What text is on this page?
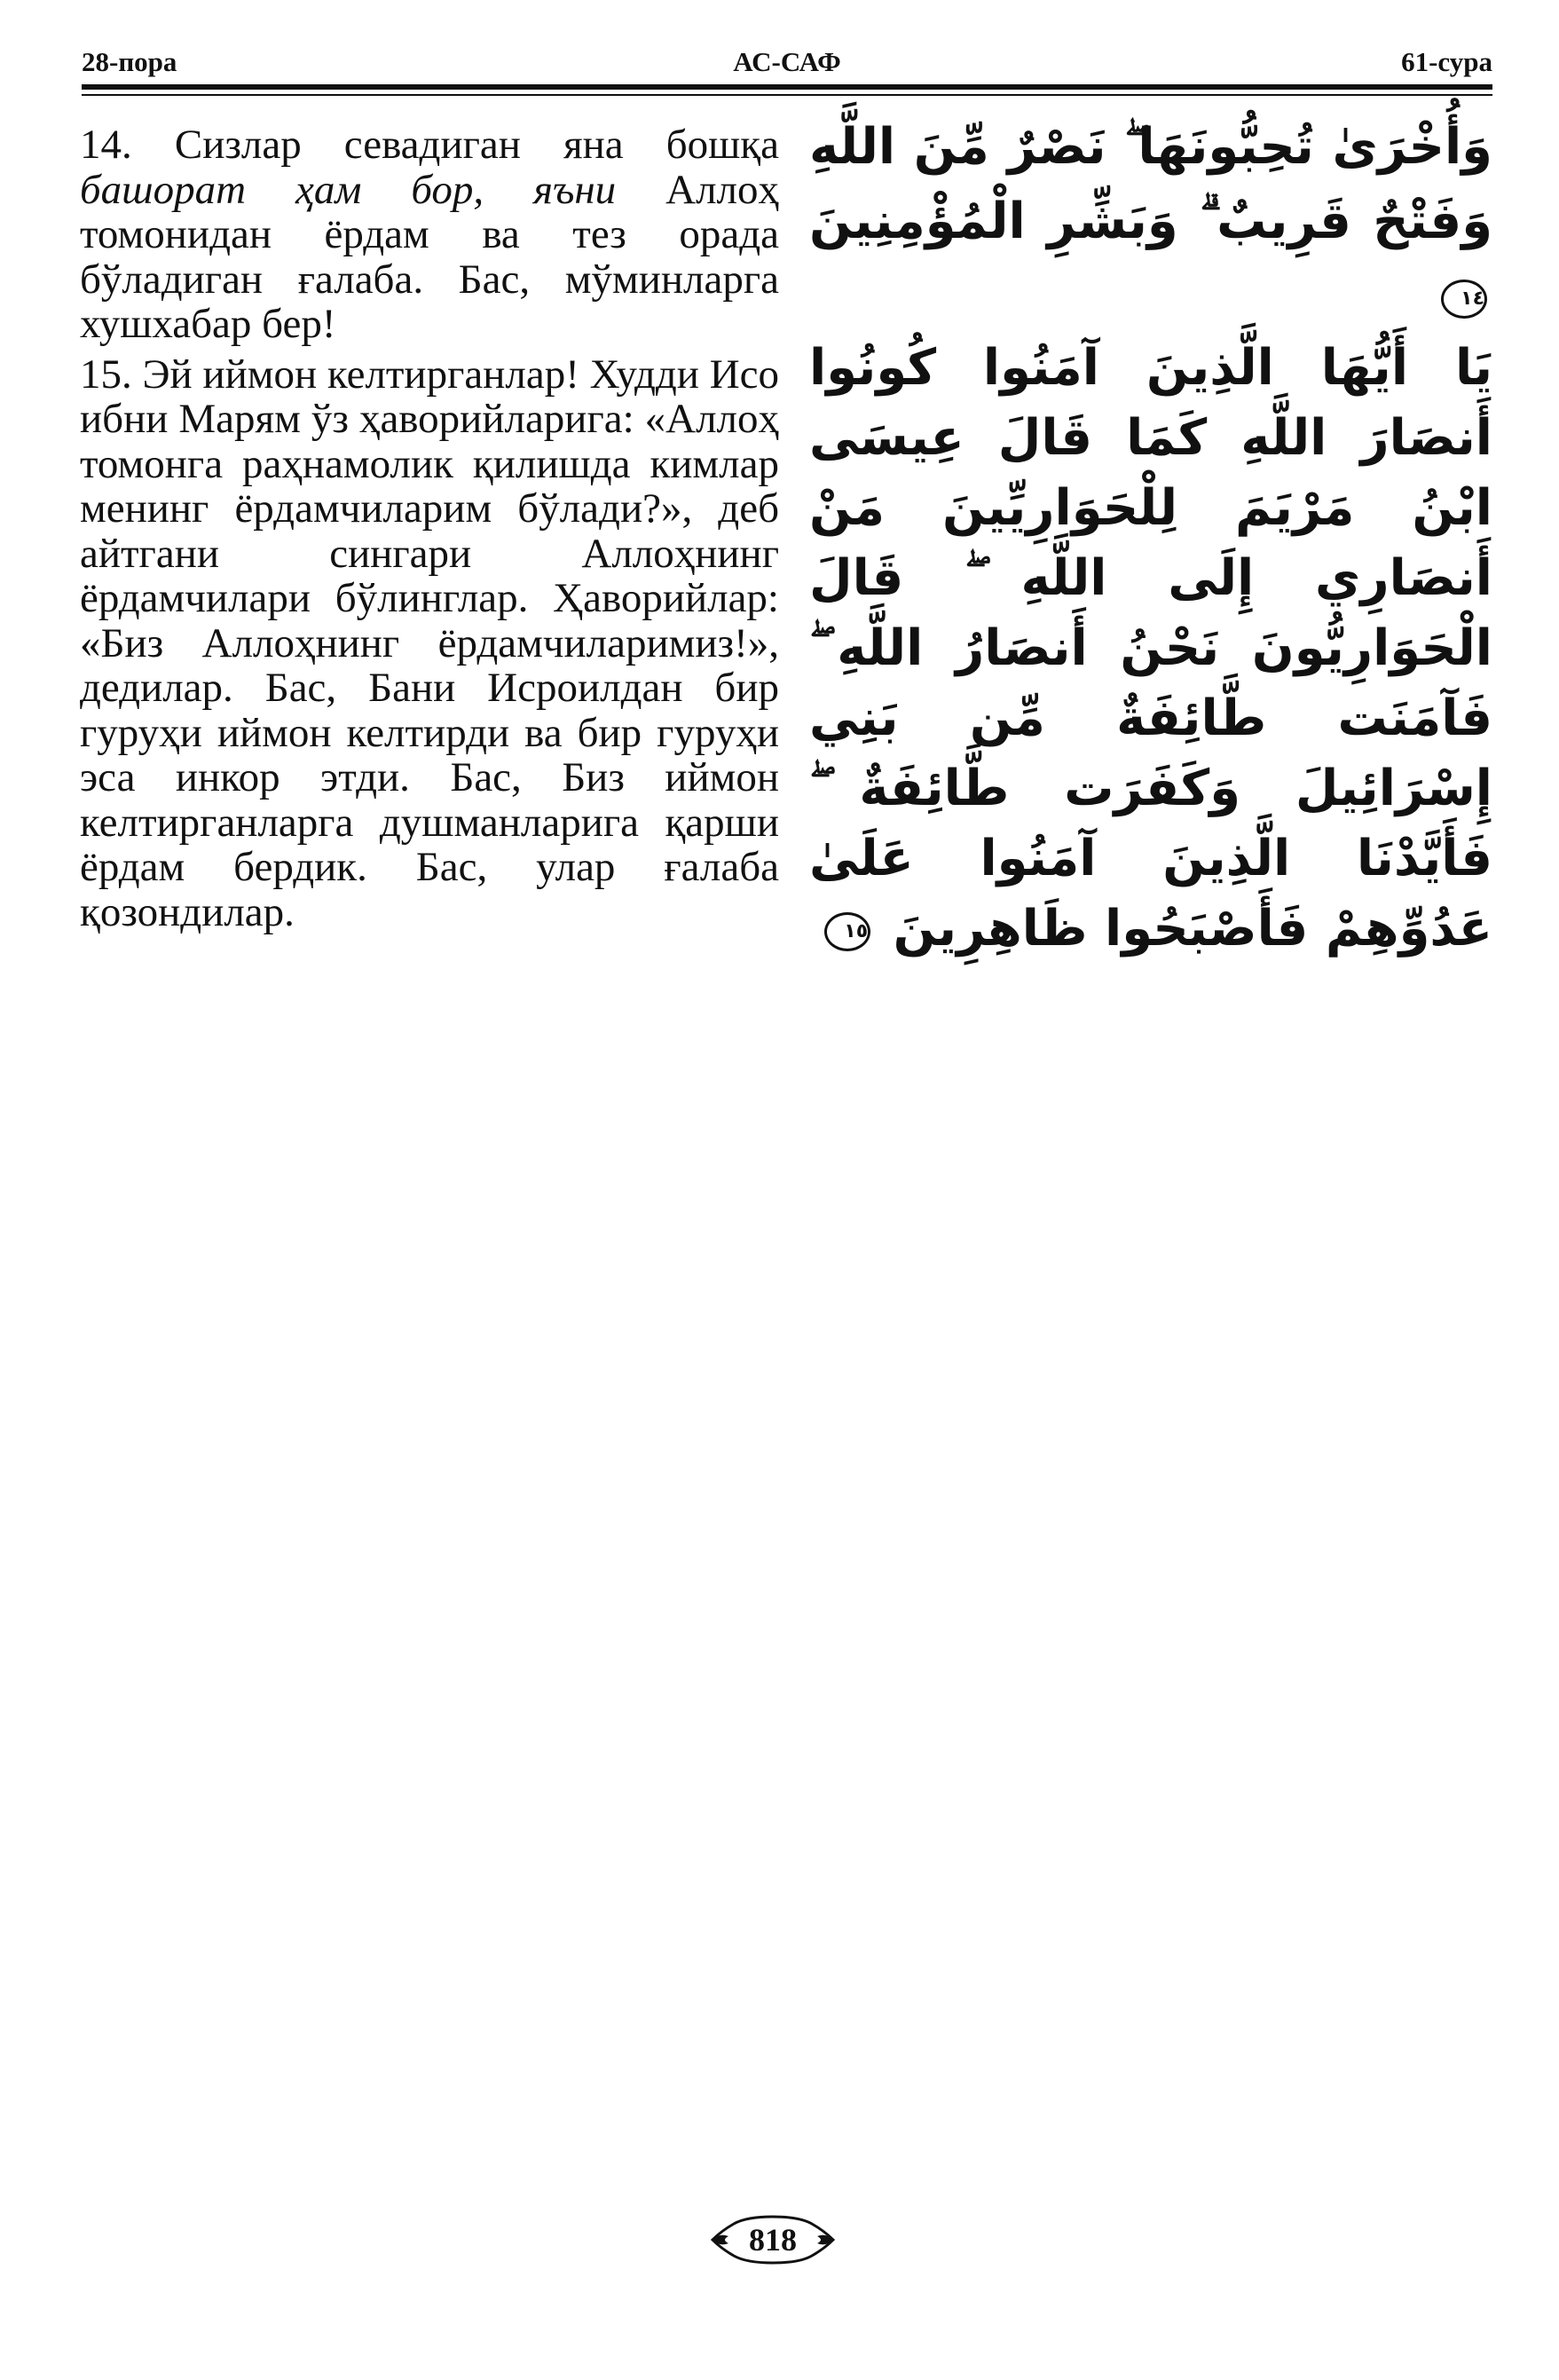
АС-САФ
28-пора	61-сура

14. Сизлар севадиган яна бошқа башорат ҳам бор, яъни Аллоҳ томонидан ёрдам ва тез орада бўладиган ғалаба. Бас, мўминларга хушхабар бер!

15. Эй иймон келтирганлар! Худди Исо ибни Марям ўз ҳаворийларига: «Аллоҳ томонга раҳнамолик қилишда кимлар менинг ёрдамчиларим бўлади?», деб айтгани сингари Аллоҳнинг ёрдамчилари бўлинглар. Ҳаворийлар: «Биз Аллоҳнинг ёрдамчиларимиз!», дедилар. Бас, Бани Исроилдан бир гуруҳи иймон келтирди ва бир гуруҳи эса инкор этди. Бас, Биз иймон келтирганларга душманларига қарши ёрдам бердик. Бас, улар ғалаба қозондилар.

وَأُخْرَىٰ تُحِبُّونَهَا ۖ نَصْرٌ مِّنَ اللَّهِ وَفَتْحٌ قَرِيبٌ ۗ وَبَشِّرِ الْمُؤْمِنِينَ ١٤
يَا أَيُّهَا الَّذِينَ آمَنُوا كُونُوا أَنصَارَ اللَّهِ كَمَا قَالَ عِيسَى ابْنُ مَرْيَمَ لِلْحَوَارِيِّينَ مَنْ أَنصَارِي إِلَى اللَّهِ ۖ قَالَ الْحَوَارِيُّونَ نَحْنُ أَنصَارُ اللَّهِ ۖ فَآمَنَت طَّائِفَةٌ مِّن بَنِي إِسْرَائِيلَ وَكَفَرَت طَّائِفَةٌ ۖ فَأَيَّدْنَا الَّذِينَ آمَنُوا عَلَىٰ عَدُوِّهِمْ فَأَصْبَحُوا ظَاهِرِينَ ١٥
818
